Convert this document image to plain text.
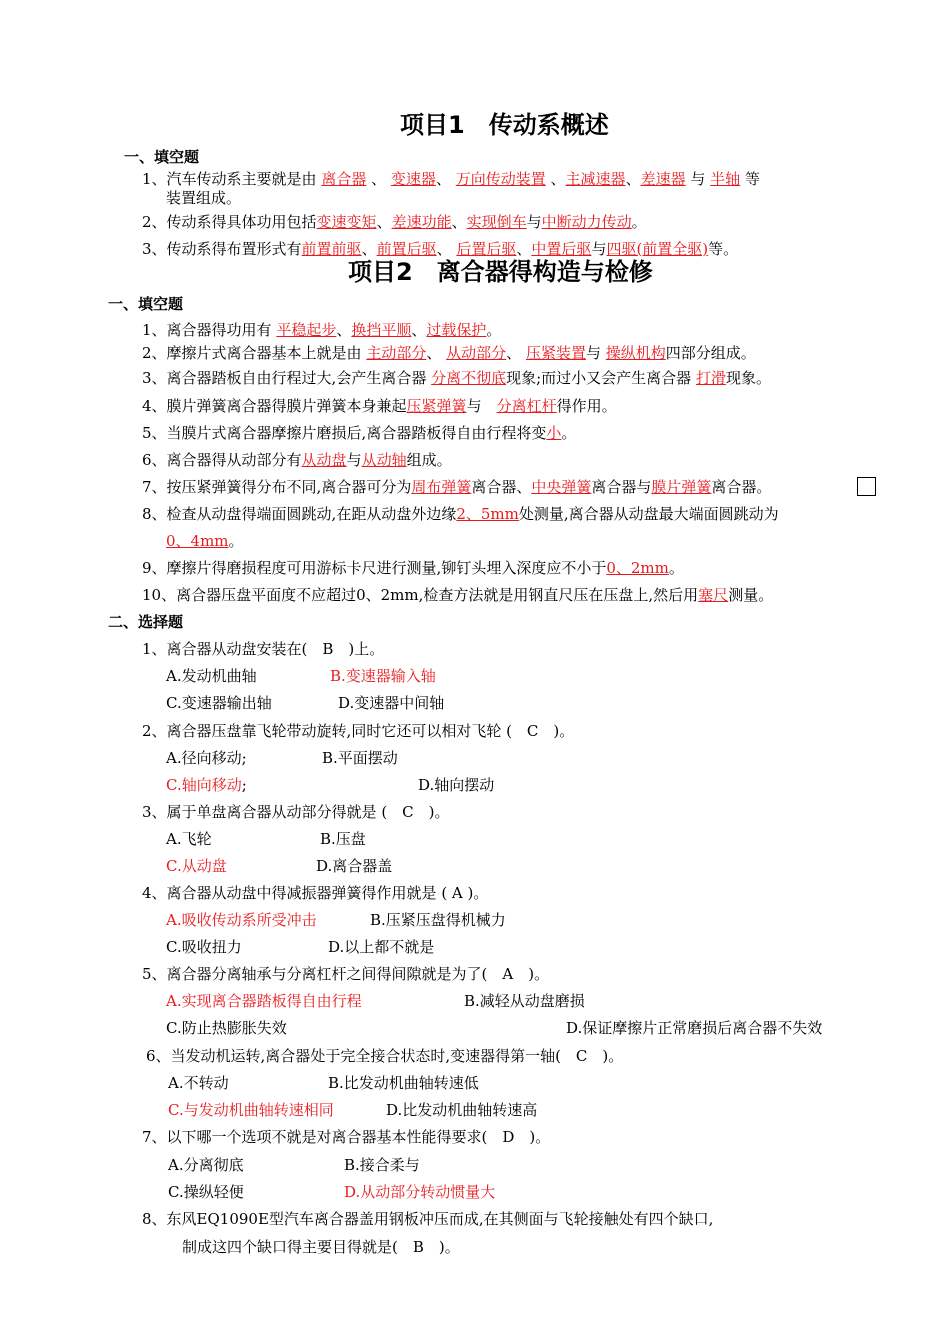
项目1　传动系概述
一、填空题
1、汽车传动系主要就是由 离合器 、 变速器、 万向传动装置 、主减速器、差速器 与 半轴 等
装置组成。
2、传动系得具体功用包括变速变矩、差速功能、实现倒车与中断动力传动。
3、传动系得布置形式有前置前驱、前置后驱、 后置后驱、中置后驱与四驱(前置全驱)等。
项目2　离合器得构造与检修
一、填空题
1、离合器得功用有 平稳起步、换挡平顺、过载保护。
2、摩擦片式离合器基本上就是由 主动部分、 从动部分、 压紧装置与 操纵机构四部分组成。
3、离合器踏板自由行程过大,会产生离合器 分离不彻底现象;而过小又会产生离合器 打滑现象。
4、膜片弹簧离合器得膜片弹簧本身兼起压紧弹簧与　 分离杠杆得作用。
5、当膜片式离合器摩擦片磨损后,离合器踏板得自由行程将变小。
6、离合器得从动部分有从动盘与从动轴组成。
7、按压紧弹簧得分布不同,离合器可分为周布弹簧离合器、中央弹簧离合器与膜片弹簧离合器。
8、检查从动盘得端面圆跳动,在距从动盘外边缘2、5mm处测量,离合器从动盘最大端面圆跳动为
0、4mm。
9、摩擦片得磨损程度可用游标卡尺进行测量,铆钉头埋入深度应不小于0、2mm。
10、离合器压盘平面度不应超过0、2mm,检查方法就是用钢直尺压在压盘上,然后用塞尺测量。
二、选择题
1、离合器从动盘安装在(　B　)上。
A.发动机曲轴	B.变速器输入轴
C.变速器输出轴	D.变速器中间轴
2、离合器压盘靠飞轮带动旋转,同时它还可以相对飞轮 (　C　)。
A.径向移动;	B.平面摆动
C.轴向移动;	D.轴向摆动
3、属于单盘离合器从动部分得就是 (　C　)。
A.飞轮	B.压盘
C.从动盘	D.离合器盖
4、离合器从动盘中得减振器弹簧得作用就是 ( A )。
A.吸收传动系所受冲击	B.压紧压盘得机械力
C.吸收扭力	D.以上都不就是
5、离合器分离轴承与分离杠杆之间得间隙就是为了(　A　)。
A.实现离合器踏板得自由行程	B.减轻从动盘磨损
C.防止热膨胀失效	D.保证摩擦片正常磨损后离合器不失效
6、当发动机运转,离合器处于完全接合状态时,变速器得第一轴(　C　)。
A.不转动	B.比发动机曲轴转速低
C.与发动机曲轴转速相同	D.比发动机曲轴转速高
7、以下哪一个选项不就是对离合器基本性能得要求(　D　)。
A.分离彻底	B.接合柔与
C.操纵轻便	D.从动部分转动惯量大
8、东风EQ1090E型汽车离合器盖用钢板冲压而成,在其侧面与飞轮接触处有四个缺口,
制成这四个缺口得主要目得就是(　B　)。
